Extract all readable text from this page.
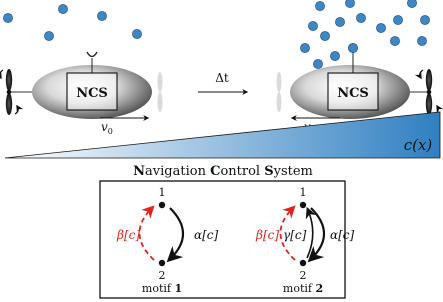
NCS
$v_0$
Δt
NCS
c(x)
Navigation Control System
1
2
β[c]	α[c]
motif 1
1
2
β[c] γ[c] α[c]
motif 2
